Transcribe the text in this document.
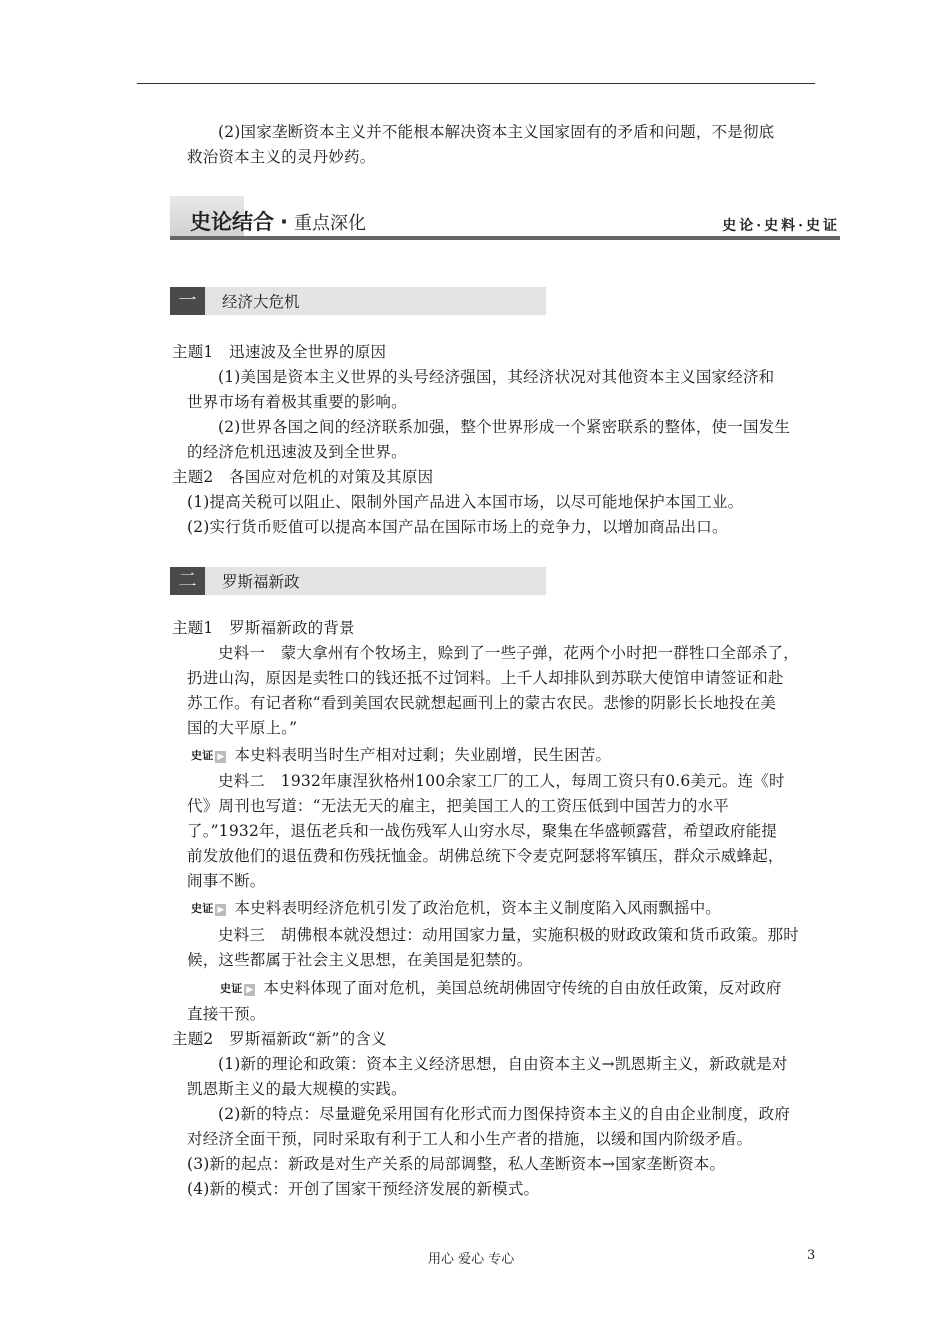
(2)国家垄断资本主义并不能根本解决资本主义国家固有的矛盾和问题，不是彻底
救治资本主义的灵丹妙药。
史论结合 · 重点深化	史论·史料·史证
一	经济大危机
主题1　迅速波及全世界的原因
(1)美国是资本主义世界的头号经济强国，其经济状况对其他资本主义国家经济和
世界市场有着极其重要的影响。
(2)世界各国之间的经济联系加强，整个世界形成一个紧密联系的整体，使一国发生
的经济危机迅速波及到全世界。
主题2　各国应对危机的对策及其原因
(1)提高关税可以阻止、限制外国产品进入本国市场，以尽可能地保护本国工业。
(2)实行货币贬值可以提高本国产品在国际市场上的竞争力，以增加商品出口。
二	罗斯福新政
主题1　罗斯福新政的背景
史料一　蒙大拿州有个牧场主，赊到了一些子弹，花两个小时把一群牲口全部杀了，
扔进山沟，原因是卖牲口的钱还抵不过饲料。上千人却排队到苏联大使馆申请签证和赴
苏工作。有记者称“看到美国农民就想起画刊上的蒙古农民。悲惨的阴影长长地投在美
国的大平原上。”
史证 ▶ 本史料表明当时生产相对过剩；失业剧增，民生困苦。
史料二　1932年康涅狄格州100余家工厂的工人，每周工资只有0.6美元。连《时
代》周刊也写道：“无法无天的雇主，把美国工人的工资压低到中国苦力的水平
了。”1932年，退伍老兵和一战伤残军人山穷水尽，聚集在华盛顿露营，希望政府能提
前发放他们的退伍费和伤残抚恤金。胡佛总统下令麦克阿瑟将军镇压，群众示威蜂起，
闹事不断。
史证 ▶ 本史料表明经济危机引发了政治危机，资本主义制度陷入风雨飘摇中。
史料三　胡佛根本就没想过：动用国家力量，实施积极的财政政策和货币政策。那时
候，这些都属于社会主义思想，在美国是犯禁的。
史证 ▶ 本史料体现了面对危机，美国总统胡佛固守传统的自由放任政策，反对政府
直接干预。
主题2　罗斯福新政“新”的含义
(1)新的理论和政策：资本主义经济思想，自由资本主义→凯恩斯主义，新政就是对
凯恩斯主义的最大规模的实践。
(2)新的特点：尽量避免采用国有化形式而力图保持资本主义的自由企业制度，政府
对经济全面干预，同时采取有利于工人和小生产者的措施，以缓和国内阶级矛盾。
(3)新的起点：新政是对生产关系的局部调整，私人垄断资本→国家垄断资本。
(4)新的模式：开创了国家干预经济发展的新模式。
用心 爱心 专心	3
